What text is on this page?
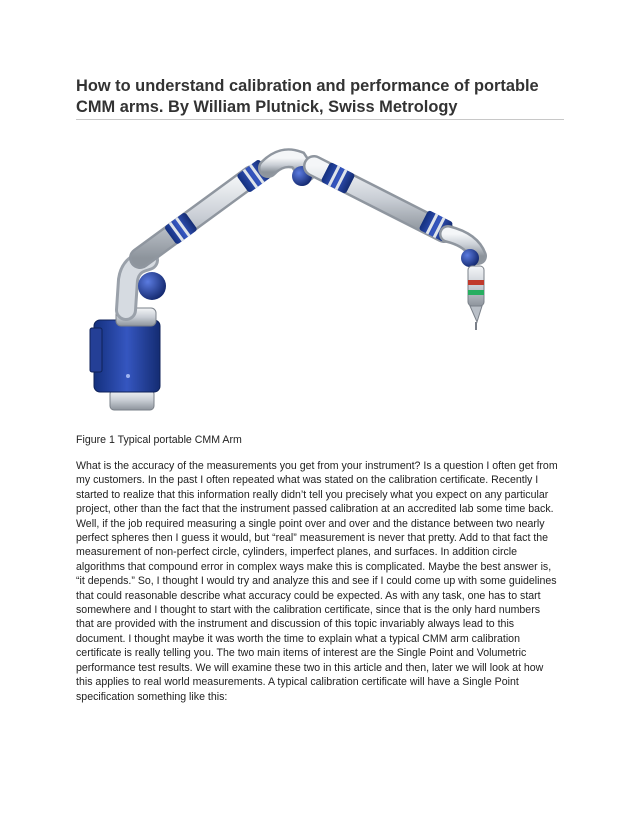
How to understand calibration and performance of portable CMM arms. By William Plutnick, Swiss Metrology

Figure 1 Typical portable CMM Arm

What is the accuracy of the measurements you get from your instrument? Is a question I often get from
my customers. In the past I often repeated what was stated on the calibration certificate. Recently I
started to realize that this information really didn’t tell you precisely what you expect on any particular
project, other than the fact that the instrument passed calibration at an accredited lab some time back.
Well, if the job required measuring a single point over and over and the distance between two nearly
perfect spheres then I guess it would, but “real” measurement is never that pretty. Add to that fact the
measurement of non-perfect circle, cylinders, imperfect planes, and surfaces. In addition circle
algorithms that compound error in complex ways make this is complicated. Maybe the best answer is,
“it depends.” So, I thought I would try and analyze this and see if I could come up with some guidelines
that could reasonable describe what accuracy could be expected. As with any task, one has to start
somewhere and I thought to start with the calibration certificate, since that is the only hard numbers
that are provided with the instrument and discussion of this topic invariably always lead to this
document. I thought maybe it was worth the time to explain what a typical CMM arm calibration
certificate is really telling you. The two main items of interest are the Single Point and Volumetric
performance test results. We will examine these two in this article and then, later we will look at how
this applies to real world measurements. A typical calibration certificate will have a Single Point
specification something like this:
